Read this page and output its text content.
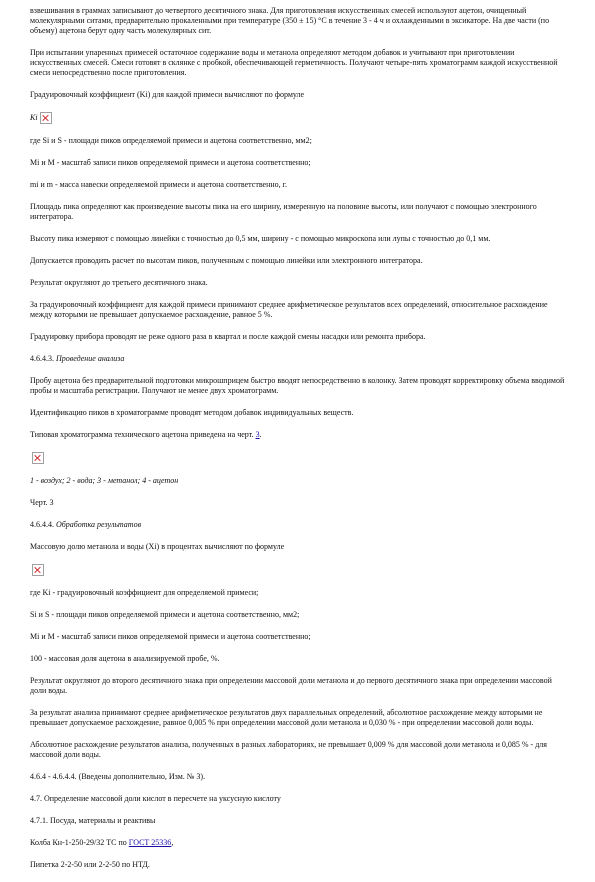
взвешивания в граммах записывают до четвертого десятичного знака. Для приготовления искусственных смесей используют ацетон, очищенный молекулярными ситами, предварительно прокаленными при температуре (350 ± 15) °С в течение 3 - 4 ч и охлажденными в эксикаторе. На две части (по объему) ацетона берут одну часть молекулярных сит.

При испытании упаренных примесей остаточное содержание воды и метанола определяют методом добавок и учитывают при приготовлении искусственных смесей. Смеси готовят в склянке с пробкой, обеспечивающей герметичность. Получают четыре-пять хроматограмм каждой искусственной смеси непосредственно после приготовления.

Градуировочный коэффициент (Ki) для каждой примеси вычисляют по формуле

Ki

где Si и S - площади пиков определяемой примеси и ацетона соответственно, мм2;

Mi и M - масштаб записи пиков определяемой примеси и ацетона соответственно;

mi и m - масса навески определяемой примеси и ацетона соответственно, г.

Площадь пика определяют как произведение высоты пика на его ширину, измеренную на половине высоты, или получают с помощью электронного интегратора.

Высоту пика измеряют с помощью линейки с точностью до 0,5 мм, ширину - с помощью микроскопа или лупы с точностью до 0,1 мм.

Допускается проводить расчет по высотам пиков, полученным с помощью линейки или электронного интегратора.

Результат округляют до третьего десятичного знака.

За градуировочный коэффициент для каждой примеси принимают среднее арифметическое результатов всех определений, относительное расхождение между которыми не превышает допускаемое расхождение, равное 5 %.

Градуировку прибора проводят не реже одного раза в квартал и после каждой смены насадки или ремонта прибора.

4.6.4.3. Проведение анализа

Пробу ацетона без предварительной подготовки микрошприцем быстро вводят непосредственно в колонку. Затем проводят корректировку объема вводимой пробы и масштаба регистрации. Получают не менее двух хроматограмм.

Идентификацию пиков в хроматограмме проводят методом добавок индивидуальных веществ.

Типовая хроматограмма технического ацетона приведена на черт. 3.

1 - воздух; 2 - вода; 3 - метанол; 4 - ацетон

Черт. 3

4.6.4.4. Обработка результатов

Массовую долю метанола и воды (Xi) в процентах вычисляют по формуле

где Ki - градуировочный коэффициент для определяемой примеси;

Si и S - площади пиков определяемой примеси и ацетона соответственно, мм2;

Mi и M - масштаб записи пиков определяемой примеси и ацетона соответственно;

100 - массовая доля ацетона в анализируемой пробе, %.

Результат округляют до второго десятичного знака при определении массовой доли метанола и до первого десятичного знака при определении массовой доли воды.

За результат анализа принимают среднее арифметическое результатов двух параллельных определений, абсолютное расхождение между которыми не превышает допускаемое расхождение, равное 0,005 % при определении массовой доли метанола и 0,030 % - при определении массовой доли воды.

Абсолютное расхождение результатов анализа, полученных в разных лабораториях, не превышает 0,009 % для массовой доли метанола и 0,085 % - для массовой доли воды.

4.6.4 - 4.6.4.4. (Введены дополнительно, Изм. № 3).

4.7. Определение массовой доли кислот в пересчете на уксусную кислоту

4.7.1. Посуда, материалы и реактивы

Колба Кн-1-250-29/32 ТС по ГОСТ 25336,

Пипетка 2-2-50 или 2-2-50 по НТД.
